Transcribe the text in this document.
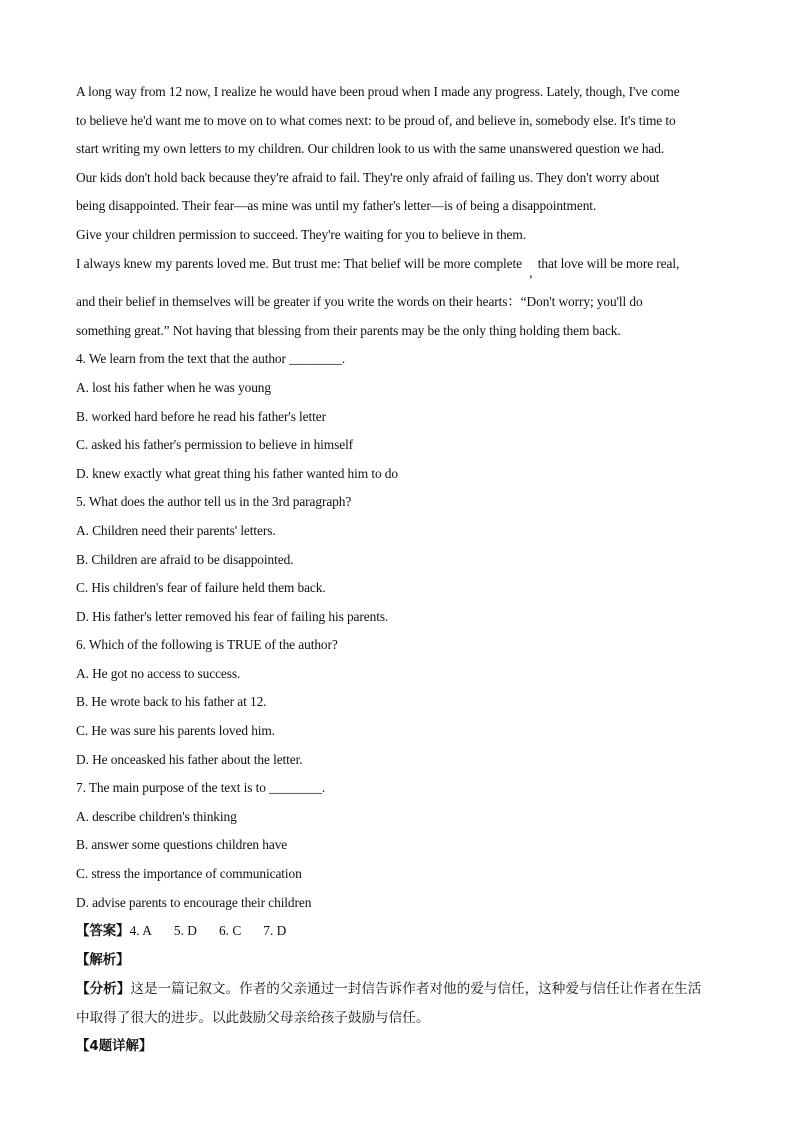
A long way from 12 now, I realize he would have been proud when I made any progress. Lately, though, I've come
to believe he'd want me to move on to what comes next: to be proud of, and believe in, somebody else. It's time to
start writing my own letters to my children. Our children look to us with the same unanswered question we had.
Our kids don't hold back because they're afraid to fail. They're only afraid of failing us. They don't worry about
being disappointed. Their fear—as mine was until my father's letter—is of being a disappointment.
Give your children permission to succeed. They're waiting for you to believe in them.
I always knew my parents loved me. But trust me: That belief will be more complete , that love will be more real,
and their belief in themselves will be greater if you write the words on their hearts：“Don't worry; you'll do
something great.” Not having that blessing from their parents may be the only thing holding them back.
4. We learn from the text that the author ________.
A. lost his father when he was young
B. worked hard before he read his father's letter
C. asked his father's permission to believe in himself
D. knew exactly what great thing his father wanted him to do
5. What does the author tell us in the 3rd paragraph?
A. Children need their parents' letters.
B. Children are afraid to be disappointed.
C. His children's fear of failure held them back.
D. His father's letter removed his fear of failing his parents.
6. Which of the following is TRUE of the author?
A. He got no access to success.
B. He wrote back to his father at 12.
C. He was sure his parents loved him.
D. He onceasked his father about the letter.
7. The main purpose of the text is to ________.
A. describe children's thinking
B. answer some questions children have
C. stress the importance of communication
D. advise parents to encourage their children
【答案】4. A 5. D 6. C 7. D
【解析】
【分析】这是一篇记叙文。作者的父亲通过一封信告诉作者对他的爱与信任，这种爱与信任让作者在生活
中取得了很大的进步。以此鼓励父母亲给孩子鼓励与信任。
【4题详解】
